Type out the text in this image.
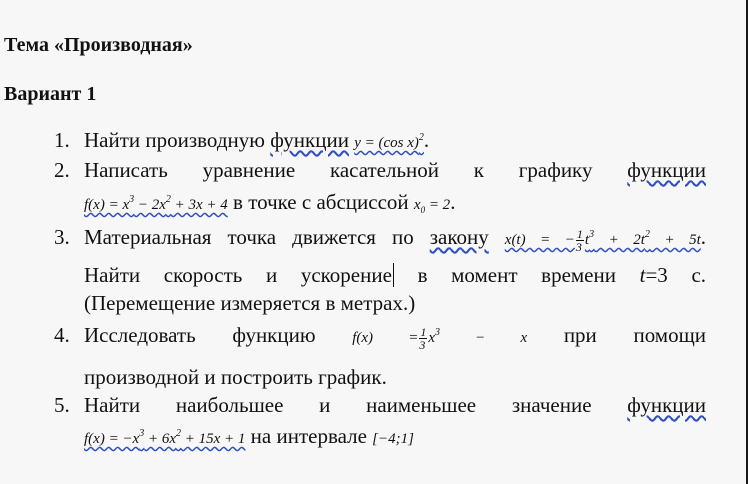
Тема «Производная»
Вариант 1
1. Найти производную функции y = (cos x)$^2$.
2. Написать уравнение касательной к графику функции
$f(x) = x^3 - 2x^2 + 3x + 4$ в точке с абсциссой $x_0 = 2$.
3. Материальная точка движется по закону x(t) = − $\frac{1}{3} t^3 + 2t^2 + 5t$.
Найти скорость и ускорение в момент времени t=3 с.
(Перемещение измеряется в метрах.)
4. Исследовать функцию $f(x) = \frac{1}{3} x^3 - x$ при помощи
производной и построить график.
5. Найти наибольшее и наименьшее значение функции
$f(x) = -x^3 + 6x^2 + 15x + 1$ на интервале [−4;1]
